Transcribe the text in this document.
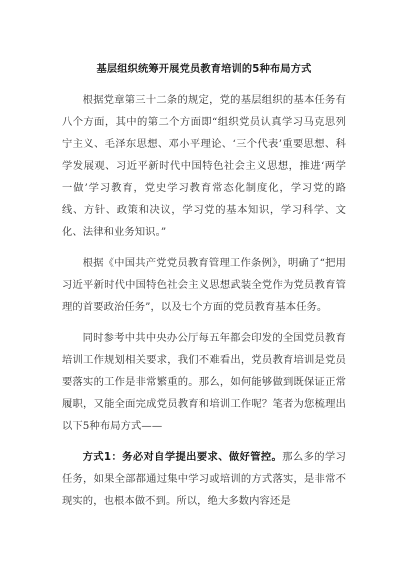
基层组织统筹开展党员教育培训的5种布局方式

根据党章第三十二条的规定，党的基层组织的基本任务有八个方面，其中的第二个方面即“组织党员认真学习马克思列宁主义、毛泽东思想、邓小平理论、‘三个代表’重要思想、科学发展观、习近平新时代中国特色社会主义思想，推进‘两学一做’学习教育，党史学习教育常态化制度化，学习党的路线、方针、政策和决议，学习党的基本知识，学习科学、文化、法律和业务知识。”

根据《中国共产党党员教育管理工作条例》，明确了“把用习近平新时代中国特色社会主义思想武装全党作为党员教育管理的首要政治任务”，以及七个方面的党员教育基本任务。

同时参考中共中央办公厅每五年都会印发的全国党员教育培训工作规划相关要求，我们不难看出，党员教育培训是党员要落实的工作是非常繁重的。那么，如何能够做到既保证正常履职，又能全面完成党员教育和培训工作呢？笔者为您梳理出以下5种布局方式——

方式1：务必对自学提出要求、做好管控。那么多的学习任务，如果全部都通过集中学习或培训的方式落实，是非常不现实的，也根本做不到。所以，绝大多数内容还是
